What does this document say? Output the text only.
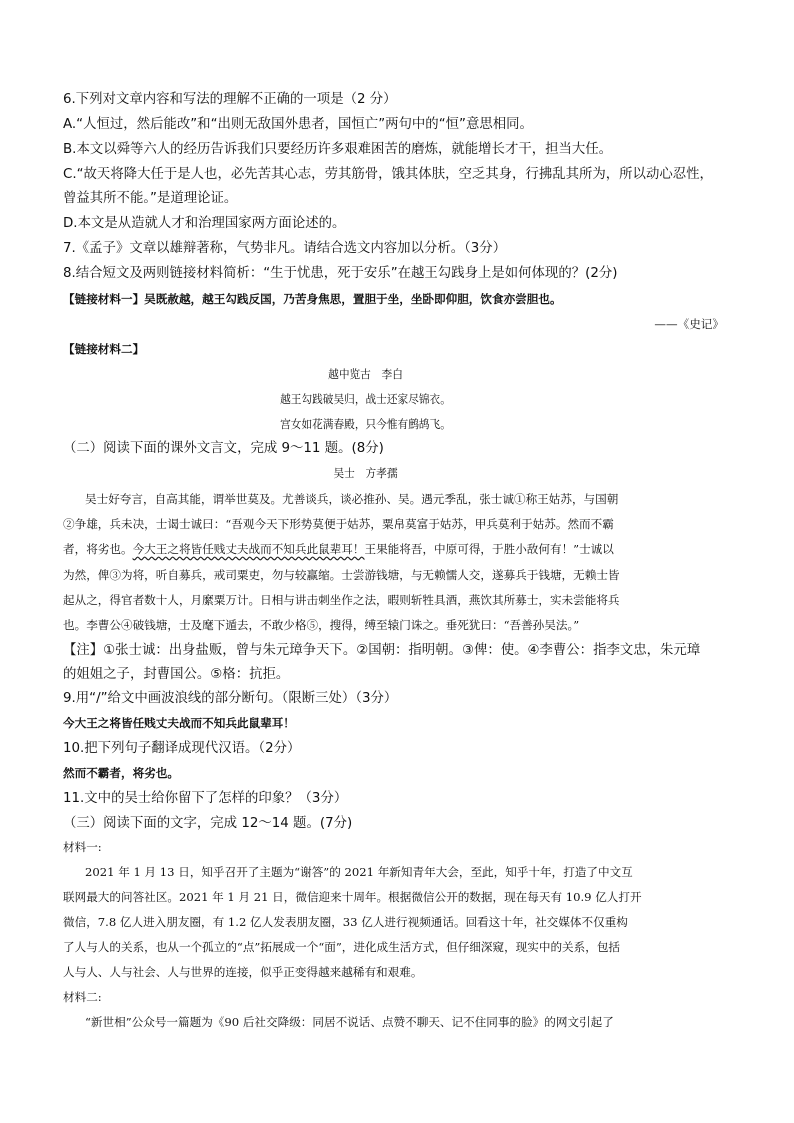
6.下列对文章内容和写法的理解不正确的一项是（2 分）
A.“人恒过，然后能改”和“出则无敌国外患者，国恒亡”两句中的“恒”意思相同。
B.本文以舜等六人的经历告诉我们只要经历许多艰难困苦的磨炼，就能增长才干，担当大任。
C.“故天将降大任于是人也，必先苦其心志，劳其筋骨，饿其体肤，空乏其身，行拂乱其所为，所以动心忍性，
曾益其所不能。”是道理论证。
D.本文是从造就人才和治理国家两方面论述的。
7.《孟子》文章以雄辩著称，气势非凡。请结合选文内容加以分析。（3分）
8.结合短文及两则链接材料简析：“生于忧患，死于安乐”在越王勾践身上是如何体现的？(2分)
【链接材料一】吴既赦越，越王勾践反国，乃苦身焦思，置胆于坐，坐卧即仰胆，饮食亦尝胆也。
——《史记》
【链接材料二】
越中览古　李白
越王勾践破吴归，战士还家尽锦衣。
宫女如花满春殿，只今惟有鹧鸪飞。
（二）阅读下面的课外文言文，完成 9～11 题。(8分)
吴士　方孝孺
吴士好夸言，自高其能，谓举世莫及。尤善谈兵，谈必推孙、吴。遇元季乱，张士诚①称王姑苏，与国朝
②争雄，兵未决，士谒士诚曰：“吾观今天下形势莫便于姑苏，粟帛莫富于姑苏，甲兵莫利于姑苏。然而不霸
者，将劣也。今大王之将皆任贱丈夫战而不知兵此鼠辈耳！王果能将吾，中原可得，于胜小敌何有！”士诚以
为然，俾③为将，听自募兵，戒司粟吏，勿与较赢缩。士尝游钱塘，与无赖懦人交，遂募兵于钱塘，无赖士皆
起从之，得官者数十人，月縻粟万计。日相与讲击刺坐作之法，暇则斩牲具酒，燕饮其所募士，实未尝能将兵
也。李曹公④破钱塘，士及麾下遁去，不敢少格⑤，搜得，缚至辕门诛之。垂死犹曰：“吾善孙吴法。”
【注】①张士诚：出身盐贩，曾与朱元璋争天下。②国朝：指明朝。③俾：使。④李曹公：指李文忠，朱元璋
的姐姐之子，封曹国公。⑤格：抗拒。
9.用“/”给文中画波浪线的部分断句。（限断三处）（3分）
今大王之将皆任贱丈夫战而不知兵此鼠辈耳！
10.把下列句子翻译成现代汉语。（2分）
然而不霸者，将劣也。
11.文中的吴士给你留下了怎样的印象？（3分）
（三）阅读下面的文字，完成 12～14 题。(7分)
材料一:
2021 年 1 月 13 日，知乎召开了主题为“谢答”的 2021 年新知青年大会，至此，知乎十年，打造了中文互
联网最大的问答社区。2021 年 1 月 21 日，微信迎来十周年。根据微信公开的数据，现在每天有 10.9 亿人打开
微信，7.8 亿人进入朋友圈，有 1.2 亿人发表朋友圈，33 亿人进行视频通话。回看这十年，社交媒体不仅重构
了人与人的关系，也从一个孤立的“点”拓展成一个“面”，进化成生活方式，但仔细深窥，现实中的关系，包括
人与人、人与社会、人与世界的连接，似乎正变得越来越稀有和艰难。
材料二:
“新世相”公众号一篇题为《90 后社交降级：同居不说话、点赞不聊天、记不住同事的脸》的网文引起了
